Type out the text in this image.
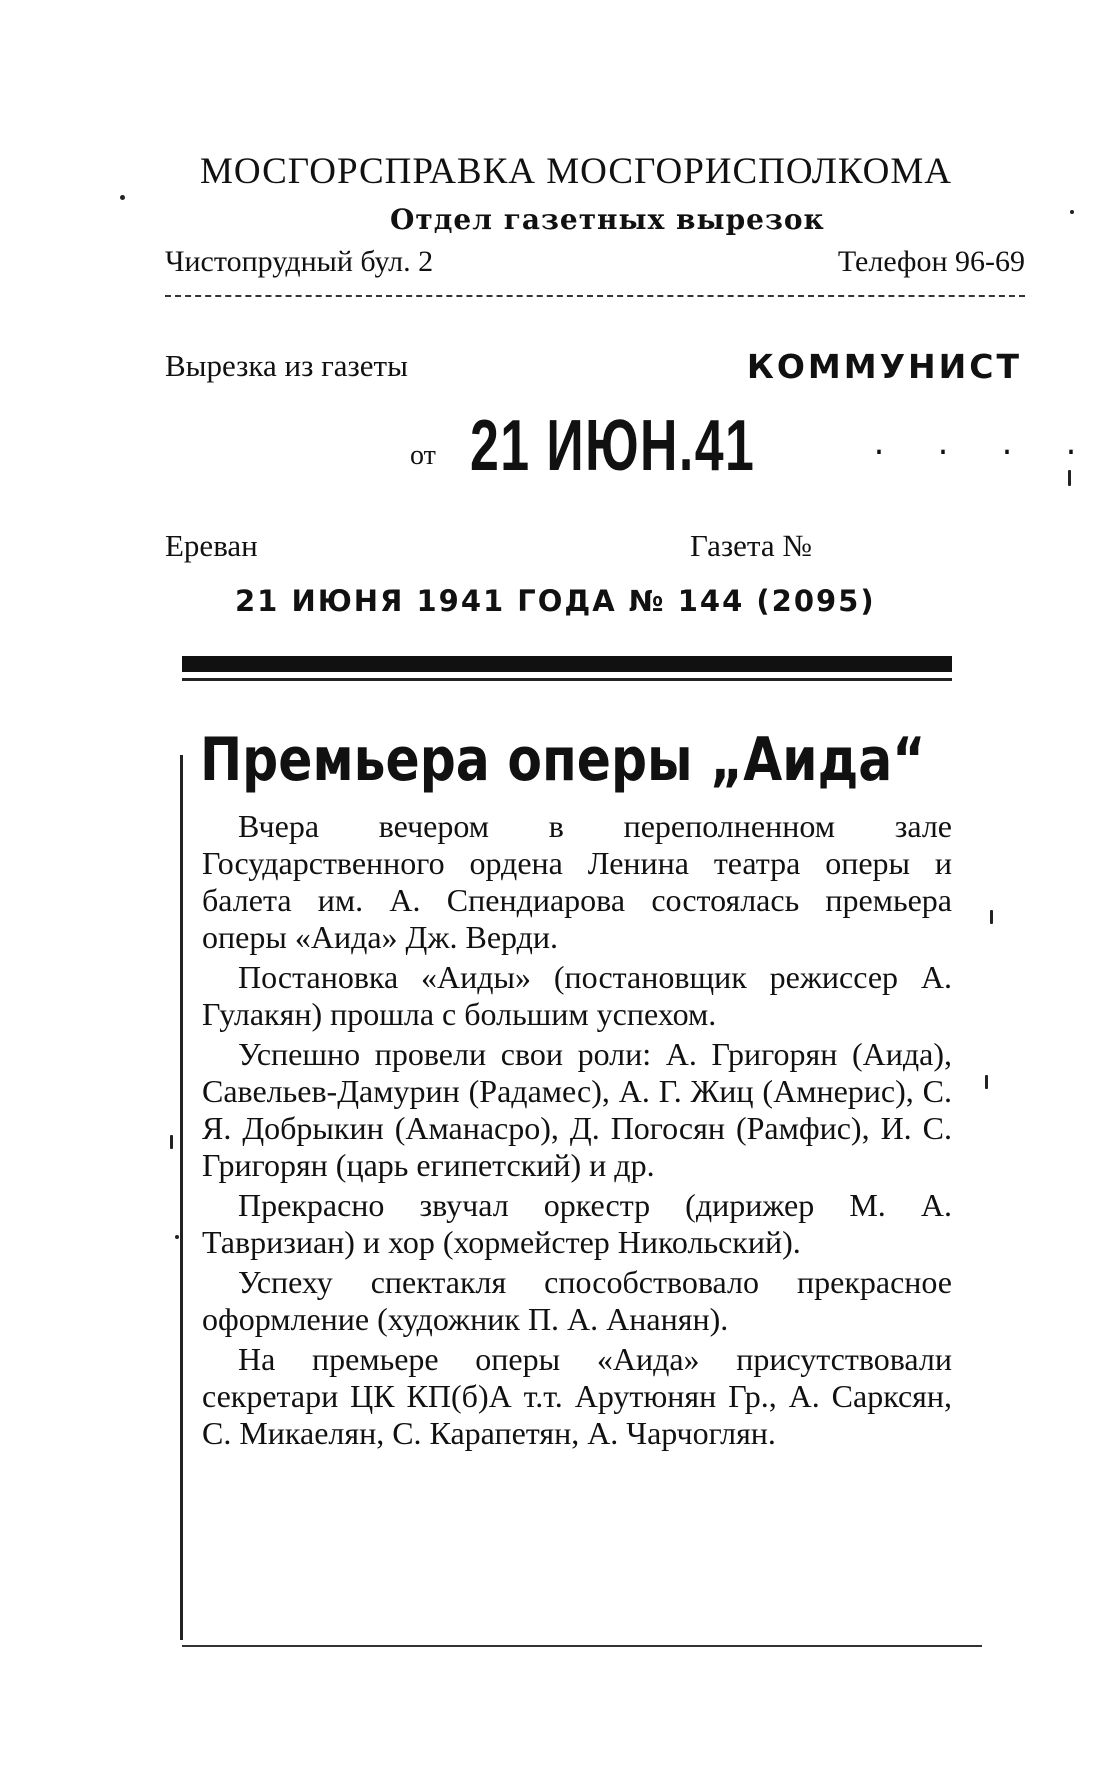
МОСГОРСПРАВКА МОСГОРИСПОЛКОМА
Отдел газетных вырезок
Чистопрудный бул. 2	Телефон 96-69
Вырезка из газеты	КОММУНИСТ
от 21 ИЮН.41	. . . .
Ереван	Газета №
21 ИЮНЯ 1941 ГОДА № 144 (2095)
Премьера оперы „Аида“

Вчера вечером в переполненном зале Государственного ордена Ленина театра оперы и балета им. А. Спендиарова состоялась премьера оперы «Аида» Дж. Верди.

Постановка «Аиды» (постановщик режиссер А. Гулакян) прошла с большим успехом.

Успешно провели свои роли: А. Григорян (Аида), Савельев-Дамурин (Радамес), А. Г. Жиц (Амнерис), С. Я. Добрыкин (Аманасро), Д. Погосян (Рамфис), И. С. Григорян (царь египетский) и др.

Прекрасно звучал оркестр (дирижер М. А. Тавризиан) и хор (хормейстер Никольский).

Успеху спектакля способствовало прекрасное оформление (художник П. А. Ананян).

На премьере оперы «Аида» присутствовали секретари ЦК КП(б)А т.т. Арутюнян Гр., А. Сарксян, С. Микаелян, С. Карапетян, А. Чарчоглян.
